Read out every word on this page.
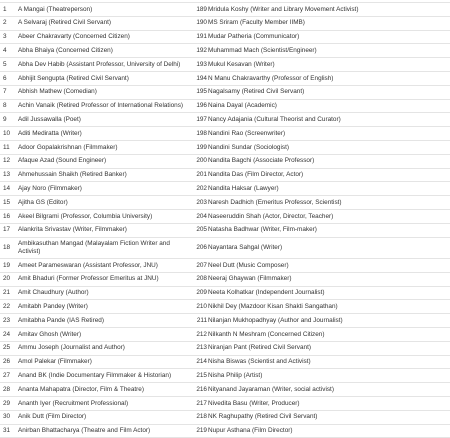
1	A Mangai (Theatreperson)	189	Mridula Koshy (Writer and Library Movement Activist)
2	A Selvaraj (Retired Civil Servant)	190	MS Sriram (Faculty Member IIMB)
3	Abeer Chakravarty (Concerned Citizen)	191	Mudar Patheria (Communicator)
4	Abha Bhaiya (Concerned Citizen)	192	Muhammad Mach (Scientist/Engineer)
5	Abha Dev Habib (Assistant Professor, University of Delhi)	193	Mukul Kesavan (Writer)
6	Abhijit Sengupta (Retired Civil Servant)	194	N Manu Chakravarthy (Professor of English)
7	Abhish Mathew (Comedian)	195	Nagalsamy (Retired Civil Servant)
8	Achin Vanaik (Retired Professor of International Relations)	196	Naina Dayal (Academic)
9	Adil Jussawalla (Poet)	197	Nancy Adajania (Cultural Theorist and Curator)
10	Aditi Mediratta (Writer)	198	Nandini Rao (Screenwriter)
11	Adoor Gopalakrishnan (Filmmaker)	199	Nandini Sundar (Sociologist)
12	Afaque Azad (Sound Engineer)	200	Nandita Bagchi (Associate Professor)
13	Ahmehussain Shaikh (Retired Banker)	201	Nandita Das (Film Director, Actor)
14	Ajay Noro (Filmmaker)	202	Nandita Haksar (Lawyer)
15	Ajitha GS (Editor)	203	Naresh Dadhich (Emeritus Professor, Scientist)
16	Akeel Bilgrami (Professor, Columbia University)	204	Naseeruddin Shah (Actor, Director, Teacher)
17	Alankrita Srivastav (Writer, Filmmaker)	205	Natasha Badhwar (Writer, Film-maker)
18	Ambikasuthan Mangad (Malayalam Fiction Writer and Activist)	206	Nayantara Sahgal (Writer)
19	Ameet Parameswaran (Assistant Professor, JNU)	207	Neel Dutt (Music Composer)
20	Amit Bhaduri (Former Professor Emeritus at JNU)	208	Neeraj Ghaywan (Filmmaker)
21	Amit Chaudhury (Author)	209	Neeta Kolhatkar (Independent Journalist)
22	Amitabh Pandey (Writer)	210	Nikhil Dey (Mazdoor Kisan Shakti Sangathan)
23	Amitabha Pande (IAS Retired)	211	Nilanjan Mukhopadhyay (Author and Journalist)
24	Amitav Ghosh (Writer)	212	Nilkanth N Meshram (Concerned Citizen)
25	Ammu Joseph (Journalist and Author)	213	Niranjan Pant (Retired Civil Servant)
26	Amol Palekar (Filmmaker)	214	Nisha Biswas (Scientist and Activist)
27	Anand BK (Indie Documentary Filmmaker & Historian)	215	Nisha Philip (Artist)
28	Ananta Mahapatra (Director, Film & Theatre)	216	Nityanand Jayaraman (Writer, social activist)
29	Ananth Iyer (Recruitment Professional)	217	Nivedita Basu (Writer, Producer)
30	Anik Dutt (Film Director)	218	NK Raghupathy (Retired Civil Servant)
31	Anirban Bhattacharya (Theatre and Film Actor)	219	Nupur Asthana (Film Director)
